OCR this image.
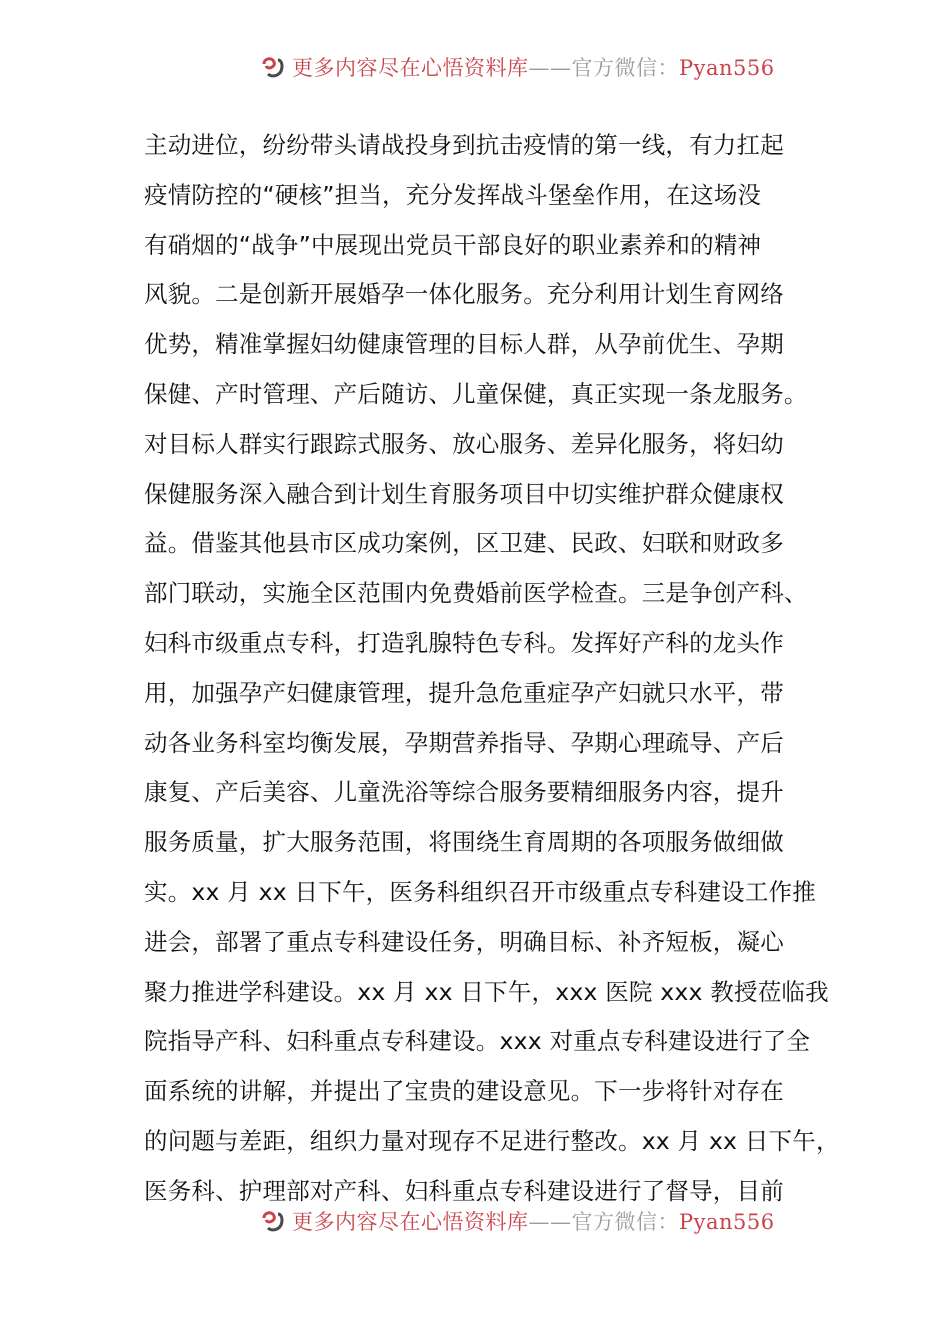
更多内容尽在心悟资料库——官方微信：Pyan556
主动进位，纷纷带头请战投身到抗击疫情的第一线，有力扛起
疫情防控的“硬核”担当，充分发挥战斗堡垒作用，在这场没
有硝烟的“战争”中展现出党员干部良好的职业素养和的精神
风貌。二是创新开展婚孕一体化服务。充分利用计划生育网络
优势，精准掌握妇幼健康管理的目标人群，从孕前优生、孕期
保健、产时管理、产后随访、儿童保健，真正实现一条龙服务。
对目标人群实行跟踪式服务、放心服务、差异化服务，将妇幼
保健服务深入融合到计划生育服务项目中切实维护群众健康权
益。借鉴其他县市区成功案例，区卫建、民政、妇联和财政多
部门联动，实施全区范围内免费婚前医学检查。三是争创产科、
妇科市级重点专科，打造乳腺特色专科。发挥好产科的龙头作
用，加强孕产妇健康管理，提升急危重症孕产妇就只水平，带
动各业务科室均衡发展，孕期营养指导、孕期心理疏导、产后
康复、产后美容、儿童洗浴等综合服务要精细服务内容，提升
服务质量，扩大服务范围，将围绕生育周期的各项服务做细做
实。xx 月 xx 日下午，医务科组织召开市级重点专科建设工作推
进会，部署了重点专科建设任务，明确目标、补齐短板，凝心
聚力推进学科建设。xx 月 xx 日下午，xxx 医院 xxx 教授莅临我
院指导产科、妇科重点专科建设。xxx 对重点专科建设进行了全
面系统的讲解，并提出了宝贵的建设意见。下一步将针对存在
的问题与差距，组织力量对现存不足进行整改。xx 月 xx 日下午，
医务科、护理部对产科、妇科重点专科建设进行了督导，目前
更多内容尽在心悟资料库——官方微信：Pyan556
